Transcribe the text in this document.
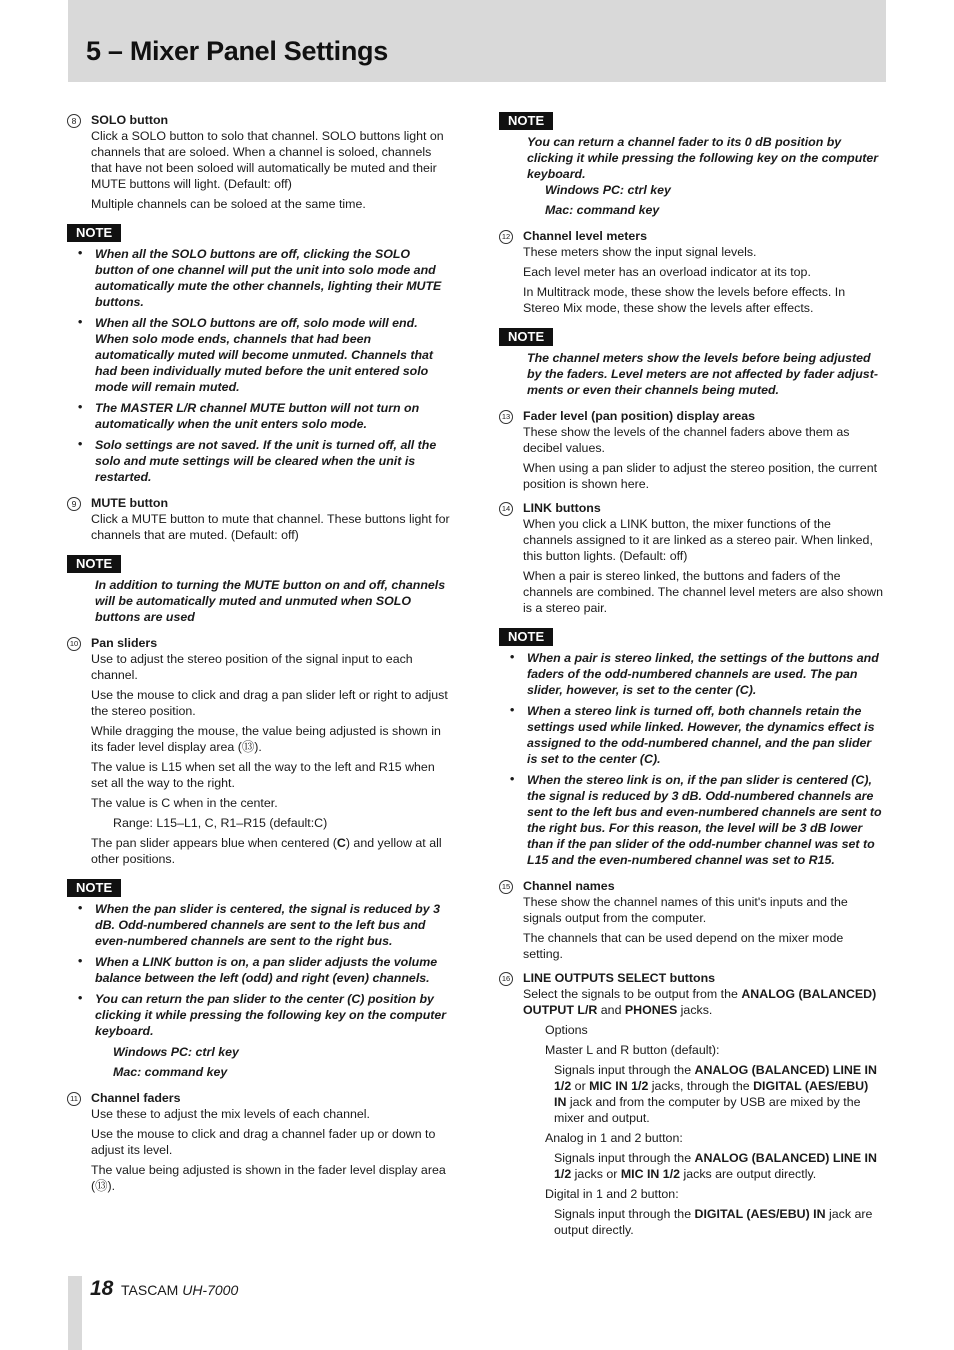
5 – Mixer Panel Settings
8	SOLO button
Click a SOLO button to solo that channel. SOLO buttons light on channels that are soloed. When a channel is soloed, channels that have not been soloed will automatically be muted and their MUTE buttons will light. (Default: off)
Multiple channels can be soloed at the same time.
NOTE
• When all the SOLO buttons are off, clicking the SOLO button of one channel will put the unit into solo mode and automatically mute the other channels, lighting their MUTE buttons.
• When all the SOLO buttons are off, solo mode will end. When solo mode ends, channels that had been automatically muted will become unmuted. Channels that had been individually muted before the unit entered solo mode will remain muted.
• The MASTER L/R channel MUTE button will not turn on automatically when the unit enters solo mode.
• Solo settings are not saved. If the unit is turned off, all the solo and mute settings will be cleared when the unit is restarted.
9	MUTE button
Click a MUTE button to mute that channel. These buttons light for channels that are muted. (Default: off)
NOTE
In addition to turning the MUTE button on and off, channels will be automatically muted and unmuted when SOLO buttons are used
10 Pan sliders
Use to adjust the stereo position of the signal input to each channel.
Use the mouse to click and drag a pan slider left or right to adjust the stereo position.
While dragging the mouse, the value being adjusted is shown in its fader level display area (⑬).
The value is L15 when set all the way to the left and R15 when set all the way to the right.
The value is C when in the center.
Range: L15–L1, C, R1–R15 (default:C)
The pan slider appears blue when centered (C) and yellow at all other positions.
NOTE
• When the pan slider is centered, the signal is reduced by 3 dB. Odd-numbered channels are sent to the left bus and even-numbered channels are sent to the right bus.
• When a LINK button is on, a pan slider adjusts the volume balance between the left (odd) and right (even) channels.
• You can return the pan slider to the center (C) position by clicking it while pressing the following key on the computer keyboard.
Windows PC: ctrl key
Mac: command key
11 Channel faders
Use these to adjust the mix levels of each channel.
Use the mouse to click and drag a channel fader up or down to adjust its level.
The value being adjusted is shown in the fader level display area (⑬).
NOTE
You can return a channel fader to its 0 dB position by clicking it while pressing the following key on the computer keyboard.
Windows PC: ctrl key
Mac: command key
12 Channel level meters
These meters show the input signal levels.
Each level meter has an overload indicator at its top.
In Multitrack mode, these show the levels before effects. In Stereo Mix mode, these show the levels after effects.
NOTE
The channel meters show the levels before being adjusted by the faders. Level meters are not affected by fader adjust-ments or even their channels being muted.
13 Fader level (pan position) display areas
These show the levels of the channel faders above them as decibel values.
When using a pan slider to adjust the stereo position, the current position is shown here.
14 LINK buttons
When you click a LINK button, the mixer functions of the channels assigned to it are linked as a stereo pair. When linked, this button lights. (Default: off)
When a pair is stereo linked, the buttons and faders of the channels are combined. The channel level meters are also shown is a stereo pair.
NOTE
• When a pair is stereo linked, the settings of the buttons and faders of the odd-numbered channels are used. The pan slider, however, is set to the center (C).
• When a stereo link is turned off, both channels retain the settings used while linked. However, the dynamics effect is assigned to the odd-numbered channel, and the pan slider is set to the center (C).
• When the stereo link is on, if the pan slider is centered (C), the signal is reduced by 3 dB. Odd-numbered channels are sent to the left bus and even-numbered channels are sent to the right bus. For this reason, the level will be 3 dB lower than if the pan slider of the odd-number channel was set to L15 and the even-numbered channel was set to R15.
15 Channel names
These show the channel names of this unit's inputs and the signals output from the computer.
The channels that can be used depend on the mixer mode setting.
16 LINE OUTPUTS SELECT buttons
Select the signals to be output from the ANALOG (BALANCED) OUTPUT L/R and PHONES jacks.
Options
Master L and R button (default):
Signals input through the ANALOG (BALANCED) LINE IN 1/2 or MIC IN 1/2 jacks, through the DIGITAL (AES/EBU) IN jack and from the computer by USB are mixed by the mixer and output.
Analog in 1 and 2 button:
Signals input through the ANALOG (BALANCED) LINE IN 1/2 jacks or MIC IN 1/2 jacks are output directly.
Digital in 1 and 2 button:
Signals input through the DIGITAL (AES/EBU) IN jack are output directly.
18 TASCAM UH-7000
